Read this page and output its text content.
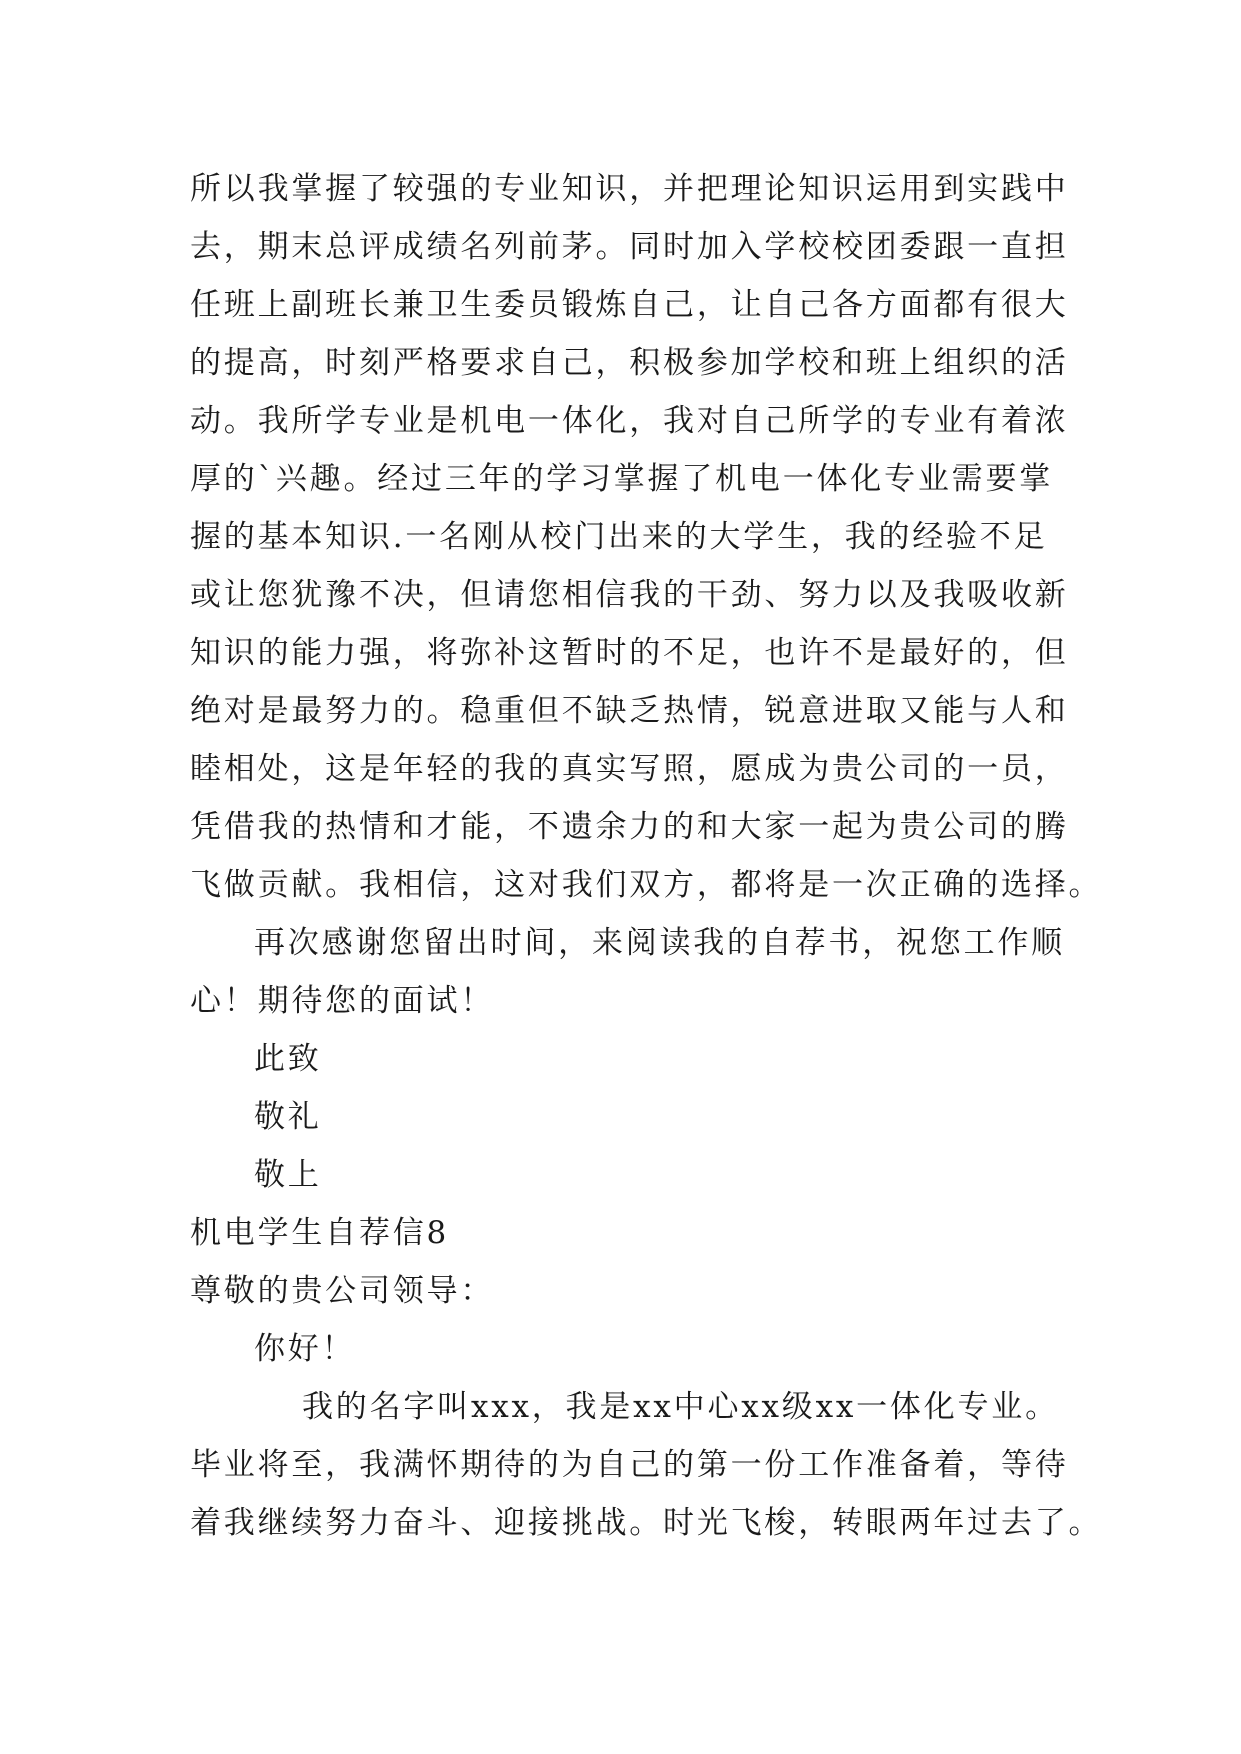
所以我掌握了较强的专业知识，并把理论知识运用到实践中
去，期末总评成绩名列前茅。同时加入学校校团委跟一直担
任班上副班长兼卫生委员锻炼自己，让自己各方面都有很大
的提高，时刻严格要求自己，积极参加学校和班上组织的活
动。我所学专业是机电一体化，我对自己所学的专业有着浓
厚的`兴趣。经过三年的学习掌握了机电一体化专业需要掌
握的基本知识.一名刚从校门出来的大学生，我的经验不足
或让您犹豫不决，但请您相信我的干劲、努力以及我吸收新
知识的能力强，将弥补这暂时的不足，也许不是最好的，但
绝对是最努力的。稳重但不缺乏热情，锐意进取又能与人和
睦相处，这是年轻的我的真实写照，愿成为贵公司的一员，
凭借我的热情和才能，不遗余力的和大家一起为贵公司的腾
飞做贡献。我相信，这对我们双方，都将是一次正确的选择。
再次感谢您留出时间，来阅读我的自荐书，祝您工作顺
心！期待您的面试！
此致
敬礼
敬上
机电学生自荐信8
尊敬的贵公司领导：
你好！
我的名字叫xxx，我是xx中心xx级xx一体化专业。
毕业将至，我满怀期待的为自己的第一份工作准备着，等待
着我继续努力奋斗、迎接挑战。时光飞梭，转眼两年过去了。
